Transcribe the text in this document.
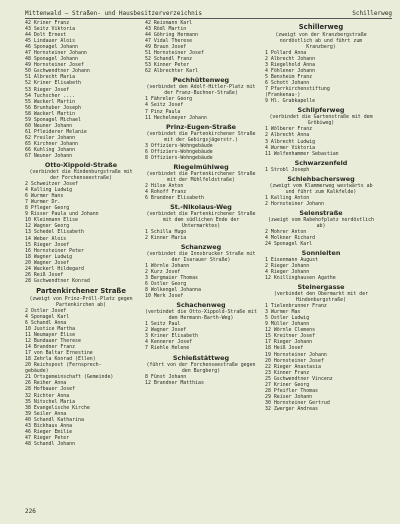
Mittenwald — Straßen- und Hausbesitzerverzeichnis	Schillerweg
42 Kriner Franz
43 Seitz Viktoria
44 Dolt Ernest
45 Lindauer Alois
46 Sponagel Johann
47 Hornsteiner Johann
48 Sponagel Johann
49 Hornsteiner Josef
50 Gschwendtner Johann
51 Albrecht Maria
52 Kriner Elisabeth
53 Rieger Josef
54 Tuchscher ....
55 Wackerl Martin
56 Brunhuber Joseph
58 Wackerl Martin
59 Sponagel Michael
60 Neuner Johann
61 Pfleiderer Melanie
62 Freiler Johann
65 Kirchner Johann
66 Kuhling Johann
67 Neuner Johann
Otto-Xippold-Straße
(verbindet die Hindenburgstraße mit der Forchenseestraße)
2 Schweitzer Josef
4 Kalling Ludwig
6 Wurmer Hans
7 Wurmer Dr.
8 Pfleger Georg
9 Risser Paula und Johann
10 Kleinmann Elise
12 Wagner Georg
13 Schedel Elisabeth
14 Weber Alois
15 Rieger Josef
16 Hornsteiner Peter
18 Wagner Ludwig
20 Wagner Josef
24 Wackerl Hildegard
26 Reiß Josef
28 Gschwendtner Konrad
Partenkirchener Straße
(zweigt von Prinz-Pröll-Platz gegen Partenkirchen ab)
2 Ostler Josef
4 Sponagel Karl
6 Schandl Anna
10 Justice Martha
11 Neumayer Elise
12 Bundauer Therese
14 Brandner Franz
17 von Baltar Ernestine
18 Zehrla Konrad (Ellen)
20 Reichspost (Fernsprech-
gebäude)
21 Ortsgemeinschaft (Gemeinde)
26 Reiher Anna
28 Hofbauer Josef
32 Richter Anna
35 Nitschel Maria
38 Evangelische Kirche
39 Seiler Anna
40 Schandl Katharina
43 Bickhaus Anna
46 Rieger Emilie
47 Rieger Peter
48 Schandl Johann
42 Reismann Karl
43 Rödl Martin
44 Göhring Hermann
47 Vidal Therese
49 Braun Josef
51 Hornsteiner Josef
52 Schandl Franz
53 Kinner Peter
62 Albrechter Karl
Pechhüttenweg
(verbindet den Adolf-Hitler-Platz mit der Franz-Buchner-Straße)
1 Fähreler Georg
4 Seitz Josef
7 Pinz Paula
11 Hechelmeyer Johann
Prinz-Eugen-Straße
(verbindet die Partenkirchener Straße mit der Gebirgsjägerstr.)
3 Offiziers-Wohngebäude
6 Offiziers-Wohngebäude
8 Offiziers-Wohngebäude
Riegelmühlweg
(verbindet die Partenkirchener Straße mit der Mühlfeldstraße)
2 Hilse Anton
4 Rohoff Franz
6 Brandner Elisabeth
St.-Nikolaus-Weg
(verbindet die Partenkirchener Straße mit dem südlichen Ende der Untermarktes)
1 Schilla Hugo
2 Kinner Maria
Schanzweg
(verbindet die Innsbrucker Straße mit der Isarauer Straße)
1 Wörnle Johann
2 Kurz Josef
3 Bergmaier Thomas
6 Ostler Georg
8 Wolkengel Johanna
10 Merk Josef
Schachenweg
(verbindet die Otto-Xippold-Straße mit dem Hermann-Barth-Weg)
1 Seitz Paul
2 Wagner Josef
3 Kriner Elisabeth
4 Kennerer Josef
7 Riehle Helene
Schießstättweg
(führt von der Forchenseestraße gegen den Burgberg)
8 Fünst Johann
12 Brandner Matthias
Schillerweg
(zweigt von der Kranzbergstraße nordöstlich ab und führt zum Kranzberg)
1 Pollard Anna
2 Albrecht Johann
3 Riegelhold Anna
4 Föhlener Johann
5 Bensheim Franz
6 Schott Johann
7 Pfarrkirchenstiftung
(Frankenau-)
9 Hl. Grabkapelle
Schlipferweg
(verbindet die Gartenstraße mit dem Gröbiweg)
1 Wölberer Franz
2 Albrecht Anna
3 Albrecht Ludwig
4 Wurmer Viktoria
11 Wolfenhammer Sebastian
Schwarzenfeld
1 Strobl Joseph
Schlehbachersweg
(zweigt vom Klammerweg westwärts ab und führt zum Kalkfelde)
1 Kalling Anton
2 Hornsteiner Johann
Seienstraße
(zweigt vom Rabehofplatz nordöstlich ab)
2 Mohrer Anton
4 Molkner Richard
24 Sponagel Karl
Sonnleiten
1 Eisenmann August
2 Rieger Johann
4 Rieger Johann
12 Knillinghausen Agathe
Steinergasse
(verbindet den Obermarkt mit der Hindenburgstraße)
1 Tielenbrunner Franz
3 Wurmer Max
5 Ostler Ludwig
9 Müller Johann
12 Wörnle Clemens
15 Kreitner Josef
17 Rieger Johann
18 Heiß Josef
19 Hornsteiner Johann
20 Hornsteiner Josef
22 Rieger Anastasia
23 Kinner Franz
25 Gschwendtner Vincenz
27 Kriner Georg
28 Pfeifler Thomas
29 Reiser Johann
30 Hornsteiner Gertrud
32 Zwerger Andreas
226
